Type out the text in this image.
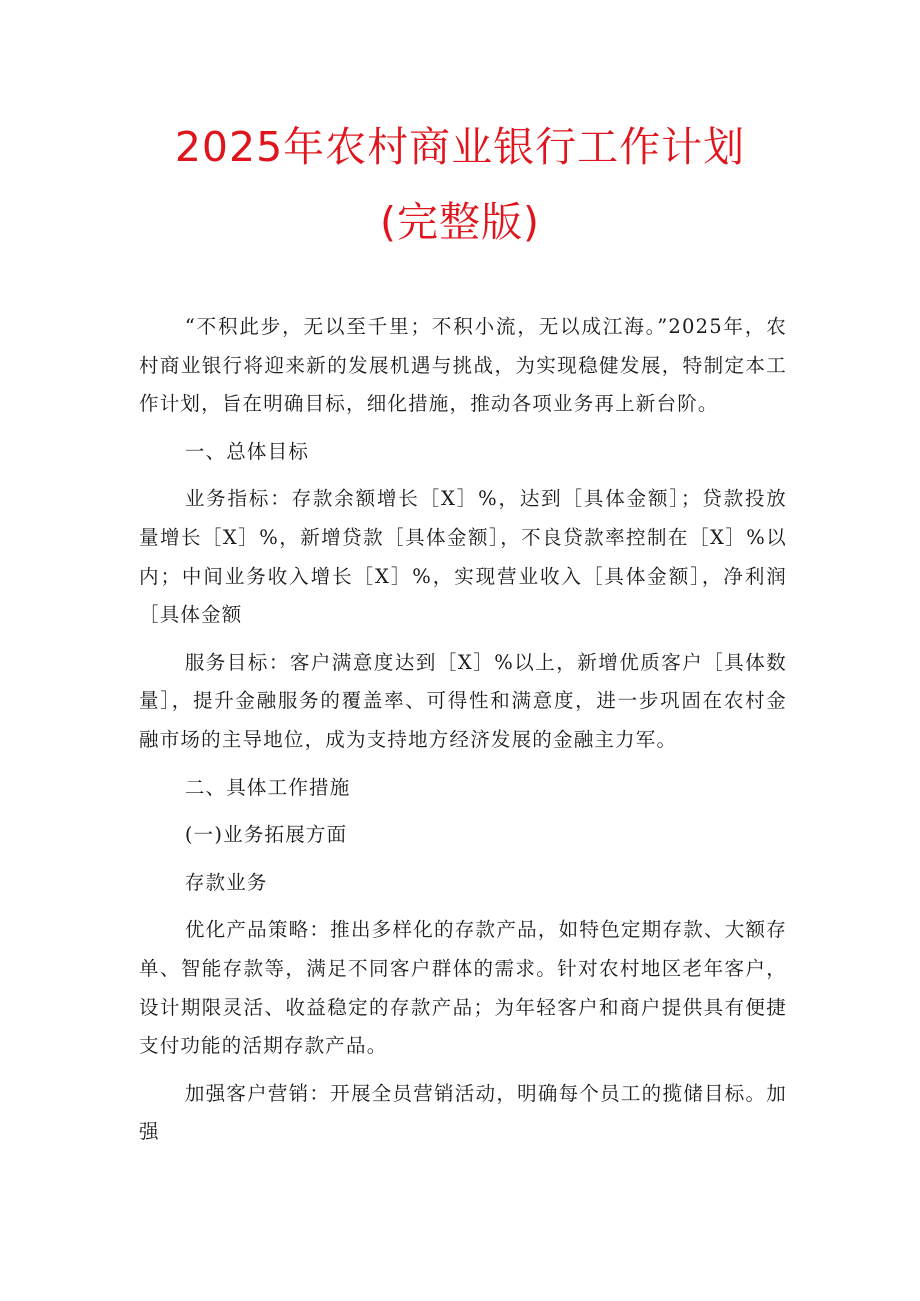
2025年农村商业银行工作计划
(完整版)

“不积此步，无以至千里；不积小流，无以成江海。”2025年，农村商业银行将迎来新的发展机遇与挑战，为实现稳健发展，特制定本工作计划，旨在明确目标，细化措施，推动各项业务再上新台阶。

一、总体目标

业务指标：存款余额增长［X］%，达到［具体金额］；贷款投放量增长［X］%，新增贷款［具体金额］，不良贷款率控制在［X］%以内；中间业务收入增长［X］%，实现营业收入［具体金额］，净利润［具体金额

服务目标：客户满意度达到［X］%以上，新增优质客户［具体数量］，提升金融服务的覆盖率、可得性和满意度，进一步巩固在农村金融市场的主导地位，成为支持地方经济发展的金融主力军。

二、具体工作措施

(一)业务拓展方面

存款业务

优化产品策略：推出多样化的存款产品，如特色定期存款、大额存单、智能存款等，满足不同客户群体的需求。针对农村地区老年客户，设计期限灵活、收益稳定的存款产品；为年轻客户和商户提供具有便捷支付功能的活期存款产品。

加强客户营销：开展全员营销活动，明确每个员工的揽储目标。加强
